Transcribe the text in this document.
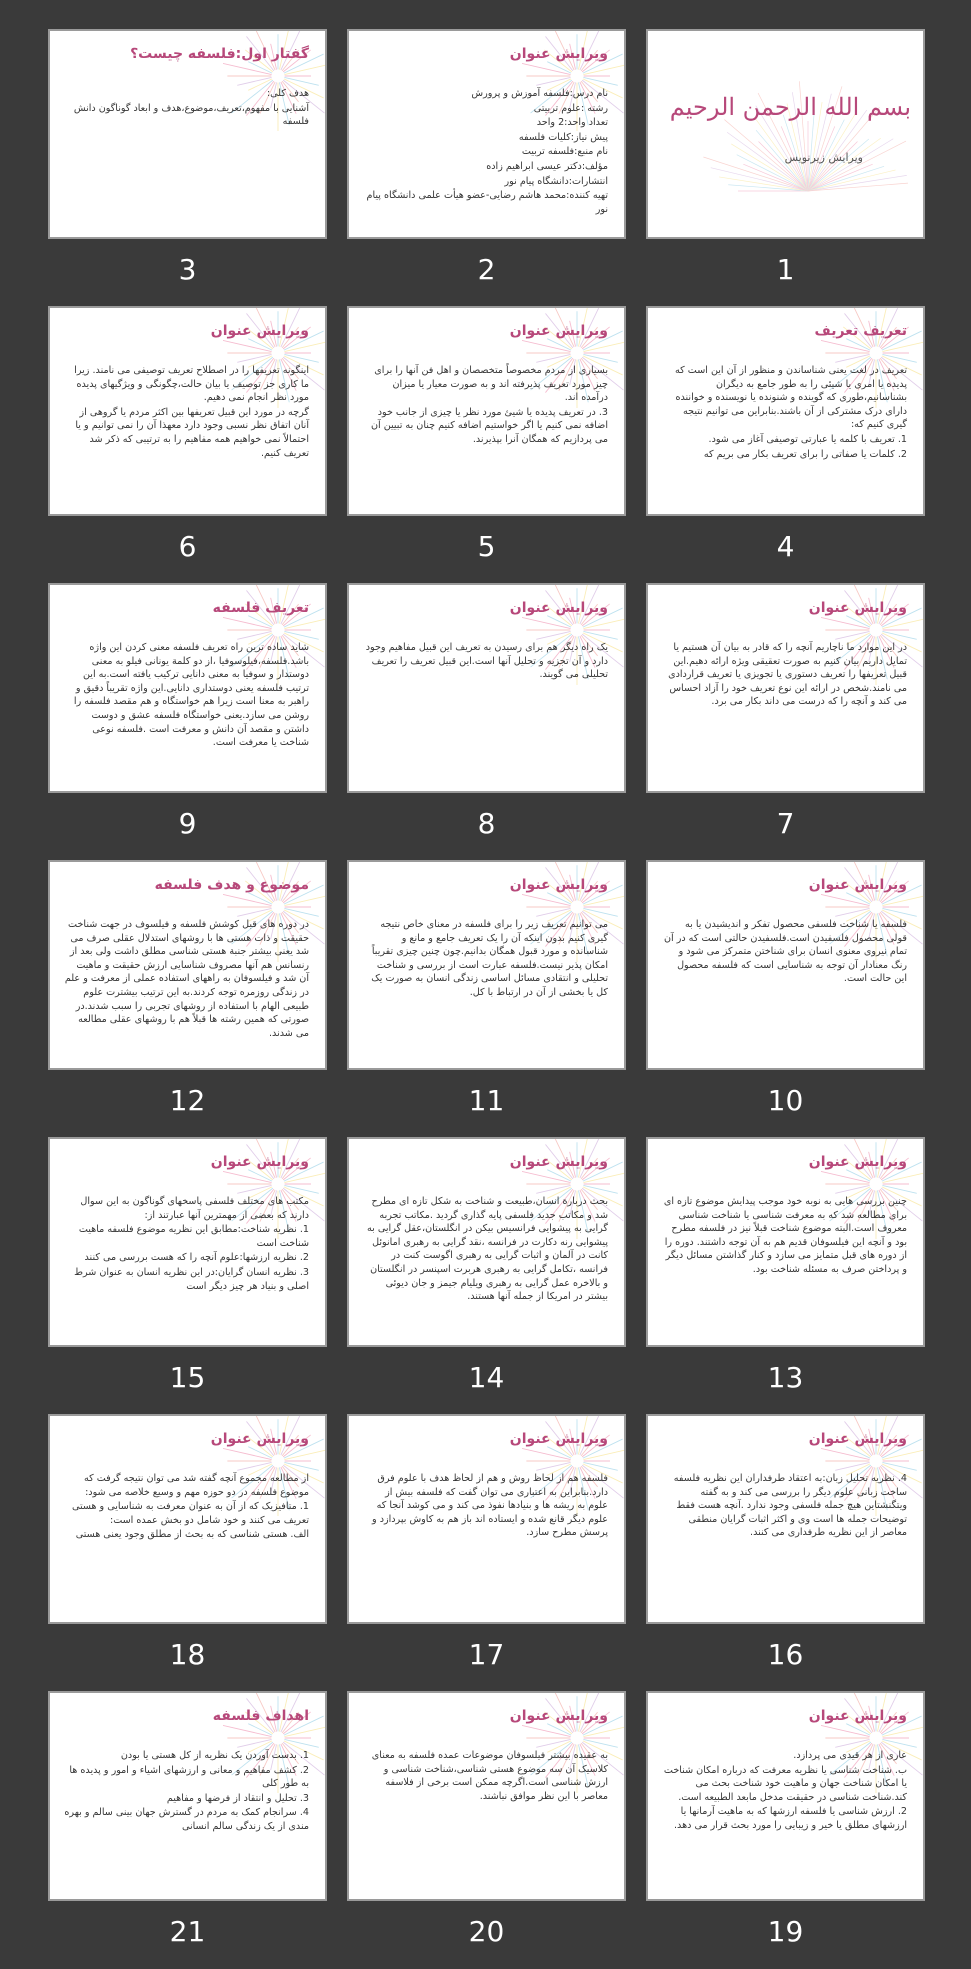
بسم الله الرحمن الرحیم
ویرایش زیرنویس
1
ویرایش عنوان

نام درس:فلسفه آموزش و پرورش

رشته :علوم تربیتی

تعداد واحد:2 واحد

پیش نیاز:کلیات فلسفه

نام منبع:فلسفه تربیت

مؤلف:دکتر عیسی ابراهیم زاده

انتشارات:دانشگاه پیام نور

تهیه کننده:محمد هاشم رضایی-عضو هیأت علمی دانشگاه پیام نور

2
گفتار اول:فلسفه چیست؟

هدف کلی:

آشنایی با مفهوم،تعریف،موضوع،هدف و ابعاد گوناگون دانش فلسفه

3
تعریف تعریف

تعریف در لغت یعنی شناساندن و منظور از آن این است که پدیده یا امری یا شیئی را به طور جامع به دیگران بشناسانیم،طوری که گوینده و شنونده یا نویسنده و خواننده دارای درک مشترکی از آن باشند.بنابراین می توانیم نتیجه گیری کنیم که:

1. تعریف با کلمه یا عبارتی توصیفی آغاز می شود.

2. کلمات یا صفاتی را برای تعریف بکار می بریم که

4
ویرایش عنوان

بسیاری از مردم مخصوصاً متخصصان و اهل فن آنها را برای چیز مورد تعریف پذیرفته اند و به صورت معیار یا میزان درآمده اند.

3. در تعریف پدیده یا شیئ مورد نظر یا چیزی از جانب خود اضافه نمی کنیم یا اگر خواستیم اضافه کنیم چنان به تبیین آن می پردازیم که همگان آنرا بپذیرند.

5
ویرایش عنوان

اینگونه تعریفها را در اصطلاح تعریف توصیفی می نامند. زیرا ما کاری جز توصیف یا بیان حالت،چگونگی و ویژگیهای پدیده مورد نظر انجام نمی دهیم.

گرچه در مورد این قبیل تعریفها بین اکثر مردم یا گروهی از آنان اتفاق نظر نسبی وجود دارد معهذا آن را نمی توانیم و یا احتمالاً نمی خواهیم همه مفاهیم را به ترتیبی که ذکر شد تعریف کنیم.

6
ویرایش عنوان

در این موارد ما ناچاریم آنچه را که قادر به بیان آن هستیم یا تمایل داریم بیان کنیم به صورت تعقیقی ویژه ارائه دهیم.این قبیل تعریفها را تعریف دستوری یا تجویزی یا تعریف قراردادی می نامند.شخص در ارائه این نوع تعریف خود را آزاد احساس می کند و آنچه را که درست می داند بکار می برد.

7
ویرایش عنوان

یک راه دیگر هم برای رسیدن به تعریف این قبیل مفاهیم وجود دارد و آن تجزیه و تحلیل آنها است.این قبیل تعریف را تعریف تحلیلی می گویند.

8
تعریف فلسفه

شاید ساده ترین راه تعریف فلسفه معنی کردن این واژه باشد.فلسفه،فیلوسوفیا ،از دو کلمة یونانی فیلو به معنی دوستدار و سوفیا به معنی دانایی ترکیب یافته است.به این ترتیب فلسفه یعنی دوستداری دانایی.این واژه تقریباً دقیق و راهبر به معنا است زیرا هم خواستگاه و هم مقصد فلسفه را روشن می سازد.یعنی خواستگاه فلسفه عشق و دوست داشتن و مقصد آن دانش و معرفت است .فلسفه نوعی شناخت یا معرفت است.

9
ویرایش عنوان

فلسفه یا شناخت فلسفی محصول تفکر و اندیشیدن یا به قولی محصول فلسفیدن است.فلسفیدن حالتی است که در آن تمام نیروی معنوی انسان برای شناختن متمرکز می شود و رنگ معنادار آن توجه به شناسایی است که فلسفه محصول این حالت است.

10
ویرایش عنوان

می توانیم تعریف زیر را برای فلسفه در معنای خاص نتیجه گیری کنیم بدون اینکه آن را یک تعریف جامع و مانع و شناسانده و مورد قبول همگان بدانیم.چون چنین چیزی تقریباً امکان پذیر نیست.فلسفه عبارت است از بررسی و شناخت تحلیلی و انتقادی مسائل اساسی زندگی انسان به صورت یک کل یا بخشی از آن در ارتباط با کل.

11
موضوع و هدف فلسفه

در دوره های قبل کوشش فلسفه و فیلسوف در جهت شناخت حقیقت و ذات هستی ها با روشهای استدلال عقلی صرف می شد یعنی بیشتر جنبة هستی شناسی مطلق داشت ولی بعد از رنسانس هم آنها مصروف شناسایی ارزش حقیقت و ماهیت آن شد و فیلسوفان به راههای استفاده عملی از معرفت و علم در زندگی روزمره توجه کردند.به این ترتیب بیشترت علوم طبیعی الهام با استفاده از روشهای تجربی را سبب شدند.در صورتی که همین رشته ها قبلاً هم با روشهای عقلی مطالعه می شدند.

12
ویرایش عنوان

چنین بررسی هایی به نوبه خود موجب پیدایش موضوع تازه ای برای مطالعه شد که به معرفت شناسی یا شناخت شناسی معروف است.البته موضوع شناخت قبلاً نیز در فلسفه مطرح بود و آنچه این فیلسوفان قدیم هم به آن توجه داشتند. دوره را از دوره های قبل متمایز می سازد و کنار گذاشتن مسائل دیگر و پرداختن صرف به مسئله شناخت بود.

13
ویرایش عنوان

بحث دربارة انسان،طبیعت و شناخت به شکل تازه ای مطرح شد و مکاتب جدید فلسفی پایه گذاری گردید .مکاتب تجربه گرایی به پیشوایی فرانسیس بیکن در انگلستان،عقل گرایی به پیشوایی رنه دکارت در فرانسه ،نقد گرایی به رهبری امانوئل کانت در آلمان و اثبات گرایی به رهبری اگوست کنت در فرانسه ،تکامل گرایی به رهبری هربرت اسپنسر در انگلستان و بالاخره عمل گرایی به رهبری ویلیام جیمز و جان دیوئی بیشتر در امریکا از جمله آنها هستند.

14
ویرایش عنوان

مکتب های مختلف فلسفی پاسخهای گوناگون به این سوال دارند که بعضی از مهمترین آنها عبارتند از:

1. نظریه شناخت:مطابق این نظریه موضوع فلسفه ماهیت شناخت است

2. نظریه ارزشها:علوم آنچه را که هست بررسی می کنند

3. نظریه انسان گرایان:در این نظریه انسان به عنوان شرط اصلی و بنیاد هر چیز دیگر است

15
ویرایش عنوان

4. نظریه تحلیل زبان:به اعتقاد طرفداران این نظریه فلسفه ساخت زبانی علوم دیگر را بررسی می کند و به گفته ویتگنشتاین هیچ جمله فلسفی وجود ندارد .آنچه هست فقط توضیحات جمله ها است وی و اکثر اثبات گرایان منطقی معاصر از این نظریه طرفداری می کنند.

16
ویرایش عنوان

فلسفه هم از لحاظ روش و هم از لحاظ هدف با علوم فرق دارد.بنابراین به اعتباری می توان گفت که فلسفه بیش از علوم به ریشه ها و بنیادها نفوذ می کند و می کوشد آنجا که علوم دیگر قانع شده و ایستاده اند باز هم به کاوش بپردازد و پرسش مطرح سازد.

17
ویرایش عنوان

از مطالعه مجموع آنچه گفته شد می توان نتیجه گرفت که موضوع فلسفه در دو حوزه مهم و وسیع خلاصه می شود:

1. متافیزیک که از آن به عنوان معرفت به شناسایی و هستی تعریف می کنند و خود شامل دو بخش عمده است:

الف. هستی شناسی که به بحث از مطلق وجود یعنی هستی

18
ویرایش عنوان

عاری از هر قیدی می پردازد.

ب. شناخت شناسی یا نظریه معرفت که درباره امکان شناخت یا امکان شناخت جهان و ماهیت خود شناخت بحث می کند.شناخت شناسی در حقیقت مدخل مابعد الطبیعه است.

2. ارزش شناسی یا فلسفه ارزشها که به ماهیت آرمانها یا ارزشهای مطلق یا خیر و زیبایی را مورد بحث قرار می دهد.

19
ویرایش عنوان

به عقیده بیشتر فیلسوفان موضوعات عمده فلسفه به معنای کلاسیک آن سه موضوع هستی شناسی،شناخت شناسی و ارزش شناسی است.اگرچه ممکن است برخی از فلاسفه معاصر با این نظر موافق نباشند.

20
اهداف فلسفه

1. بدست آوردن یک نظریه از کل هستی یا بودن

2. کشف مفاهیم و معانی و ارزشهای اشیاء و امور و پدیده ها به طور کلی

3. تحلیل و انتقاد از فرضها و مفاهیم

4. سرانجام کمک به مردم در گسترش جهان بینی سالم و بهره مندی از یک زندگی سالم انسانی

21
